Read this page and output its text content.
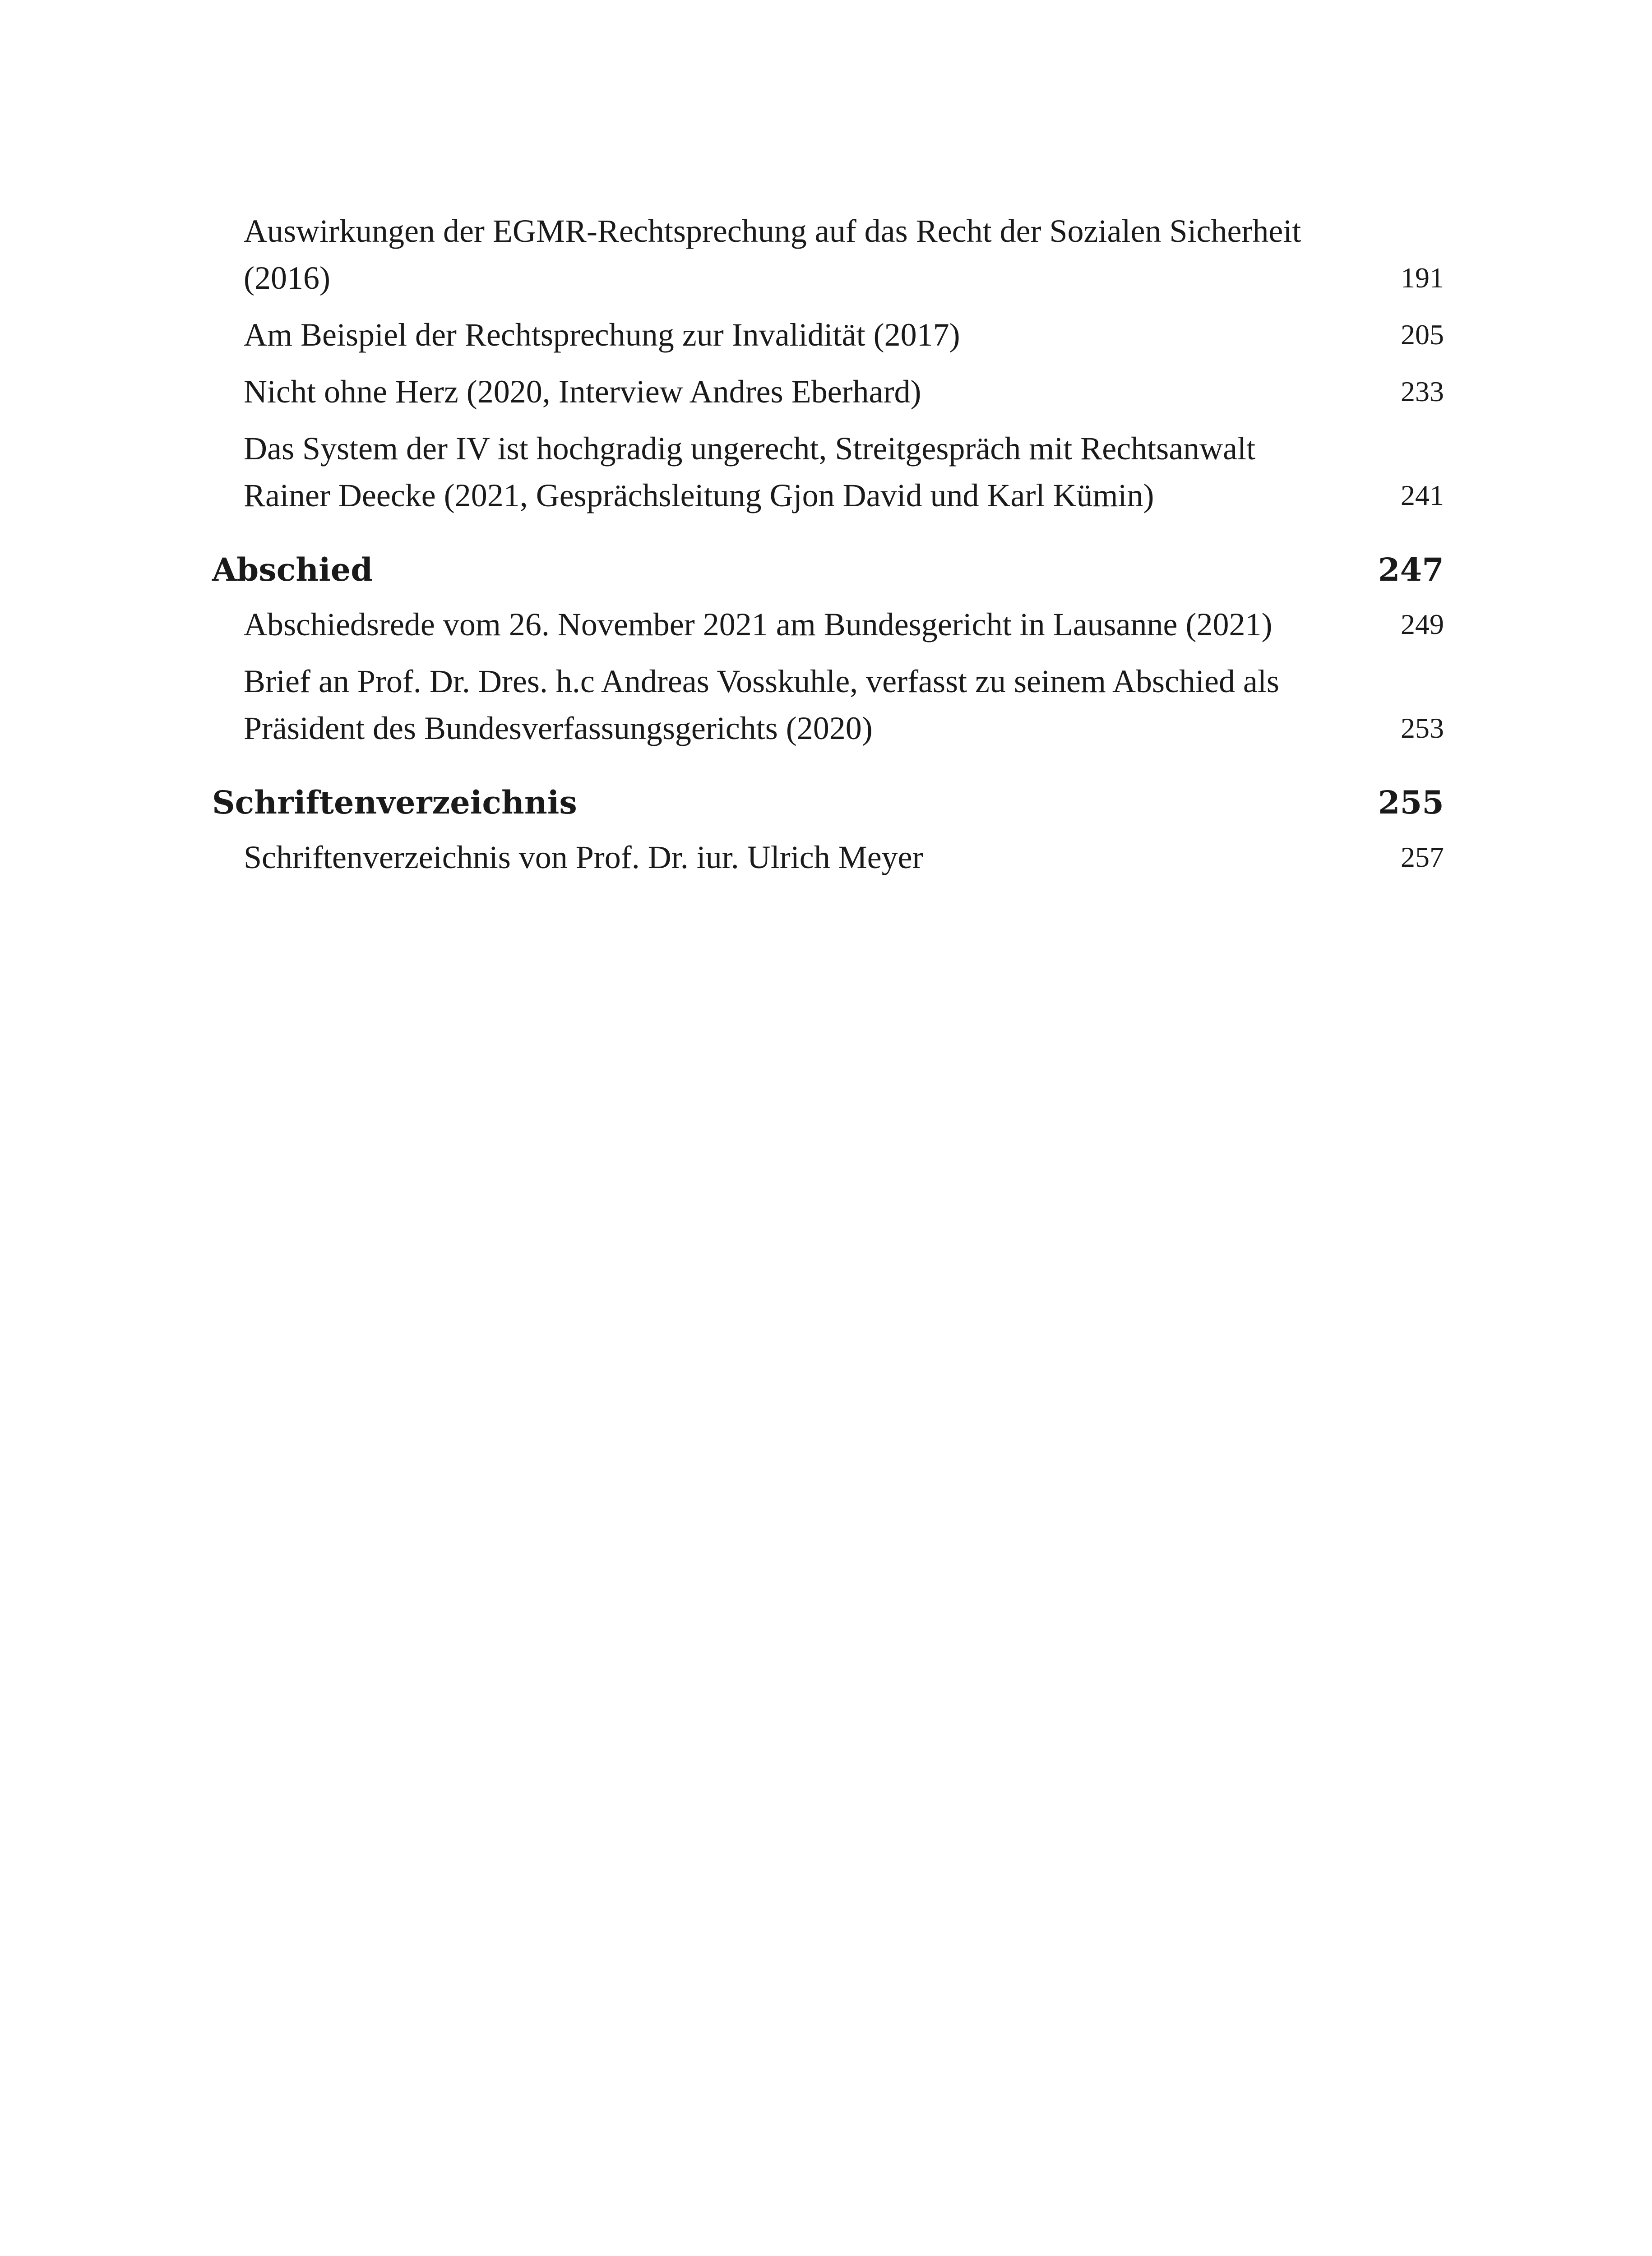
Auswirkungen der EGMR-Rechtsprechung auf das Recht der Sozialen Sicherheit (2016)	191
Am Beispiel der Rechtsprechung zur Invalidität (2017)	205
Nicht ohne Herz (2020, Interview Andres Eberhard)	233
Das System der IV ist hochgradig ungerecht, Streitgespräch mit Rechtsanwalt Rainer Deecke (2021, Gesprächsleitung Gjon David und Karl Kümin)	241
Abschied	247
Abschiedsrede vom 26. November 2021 am Bundesgericht in Lausanne (2021)	249
Brief an Prof. Dr. Dres. h.c Andreas Vosskuhle, verfasst zu seinem Abschied als Präsident des Bundesverfassungsgerichts (2020)	253
Schriftenverzeichnis	255
Schriftenverzeichnis von Prof. Dr. iur. Ulrich Meyer	257
